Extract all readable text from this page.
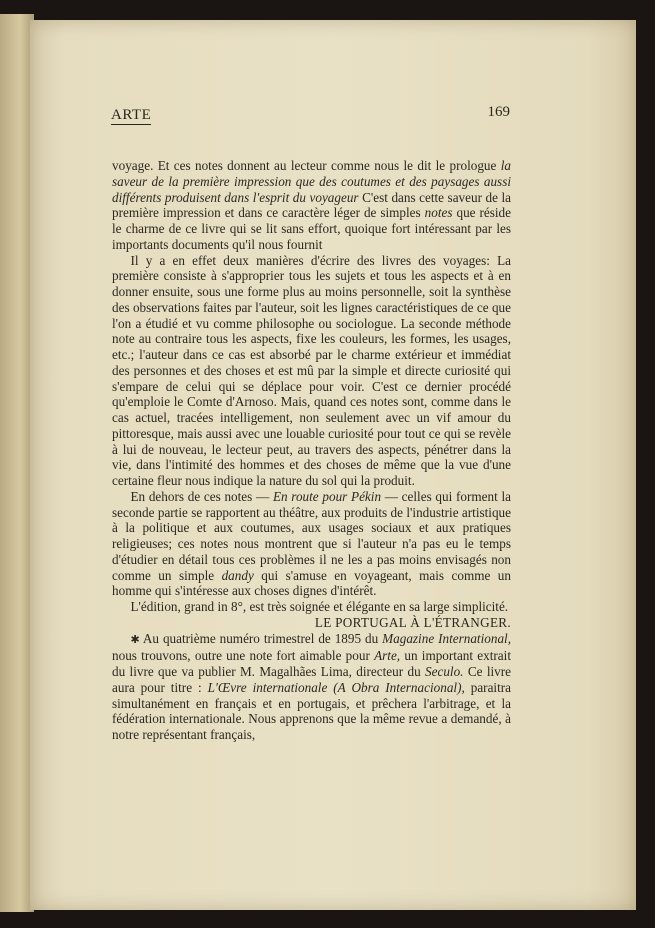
ARTE	169

voyage. Et ces notes donnent au lecteur comme nous le dit le prologue la saveur de la première impression que des coutumes et des paysages aussi différents produisent dans l'esprit du voyageur C'est dans cette saveur de la première impression et dans ce caractère léger de simples notes que réside le charme de ce livre qui se lit sans effort, quoique fort intéressant par les importants documents qu'il nous fournit

Il y a en effet deux manières d'écrire des livres des voyages: La première consiste à s'approprier tous les sujets et tous les aspects et à en donner ensuite, sous une forme plus au moins personnelle, soit la synthèse des observations faites par l'auteur, soit les lignes caractéristiques de ce que l'on a étudié et vu comme philosophe ou sociologue. La seconde méthode note au contraire tous les aspects, fixe les couleurs, les formes, les usages, etc.; l'auteur dans ce cas est absorbé par le charme extérieur et immédiat des personnes et des choses et est mû par la simple et directe curiosité qui s'empare de celui qui se déplace pour voir. C'est ce dernier procédé qu'emploie le Comte d'Arnoso. Mais, quand ces notes sont, comme dans le cas actuel, tracées intelligement, non seulement avec un vif amour du pittoresque, mais aussi avec une louable curiosité pour tout ce qui se revèle à lui de nouveau, le lecteur peut, au travers des aspects, pénétrer dans la vie, dans l'intimité des hommes et des choses de même que la vue d'une certaine fleur nous indique la nature du sol qui la produit.

En dehors de ces notes — En route pour Pékin — celles qui forment la seconde partie se rapportent au théâtre, aux produits de l'industrie artistique à la politique et aux coutumes, aux usages sociaux et aux pratiques religieuses; ces notes nous montrent que si l'auteur n'a pas eu le temps d'étudier en détail tous ces problèmes il ne les a pas moins envisagés non comme un simple dandy qui s'amuse en voyageant, mais comme un homme qui s'intéresse aux choses dignes d'intérêt.

L'édition, grand in 8°, est très soignée et élégante en sa large simplicité.

LE PORTUGAL À L'ÉTRANGER.

✱ Au quatrième numéro trimestrel de 1895 du Magazine International, nous trouvons, outre une note fort aimable pour Arte, un important extrait du livre que va publier M. Magalhães Lima, directeur du Seculo. Ce livre aura pour titre : L'Œvre internationale (A Obra Internacional), paraitra simultanément en français et en portugais, et prêchera l'arbitrage, et la fédération internationale. Nous apprenons que la même revue a demandé, à notre représentant français,
